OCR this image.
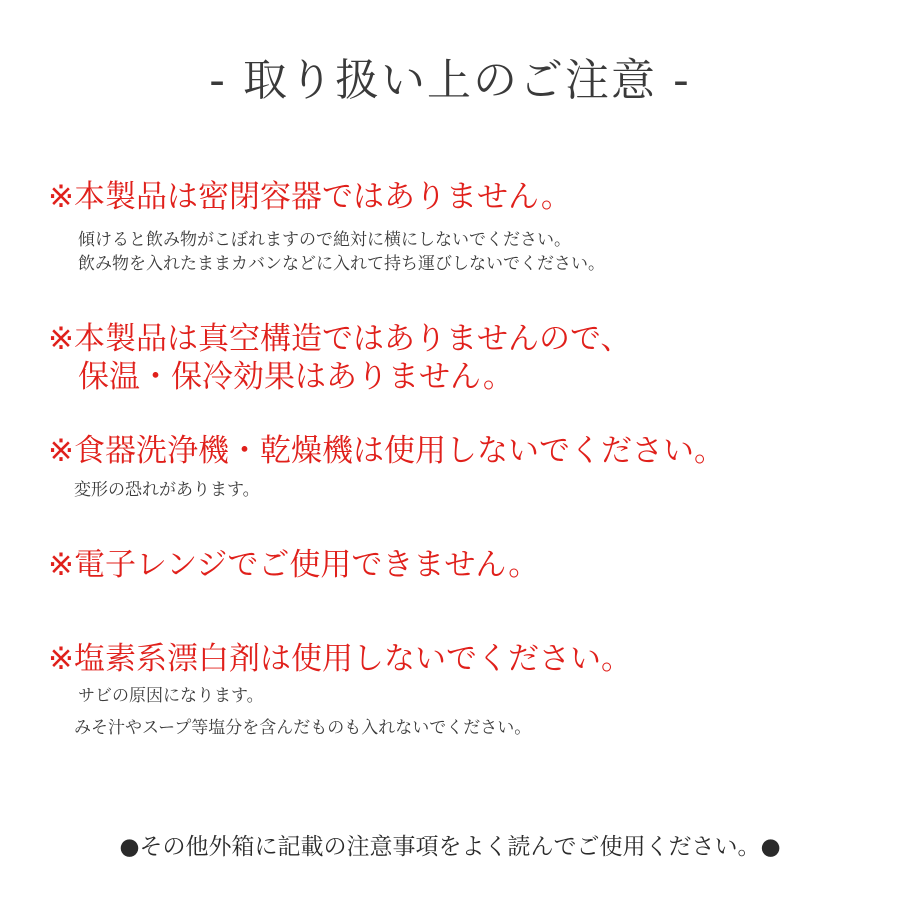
- 取り扱い上のご注意 -
※本製品は密閉容器ではありません。
傾けると飲み物がこぼれますので絶対に横にしないでください。
飲み物を入れたままカバンなどに入れて持ち運びしないでください。
※本製品は真空構造ではありませんので、
保温・保冷効果はありません。
※食器洗浄機・乾燥機は使用しないでください。
変形の恐れがあります。
※電子レンジでご使用できません。
※塩素系漂白剤は使用しないでください。
サビの原因になります。
みそ汁やスープ等塩分を含んだものも入れないでください。
●その他外箱に記載の注意事項をよく読んでご使用ください。●
